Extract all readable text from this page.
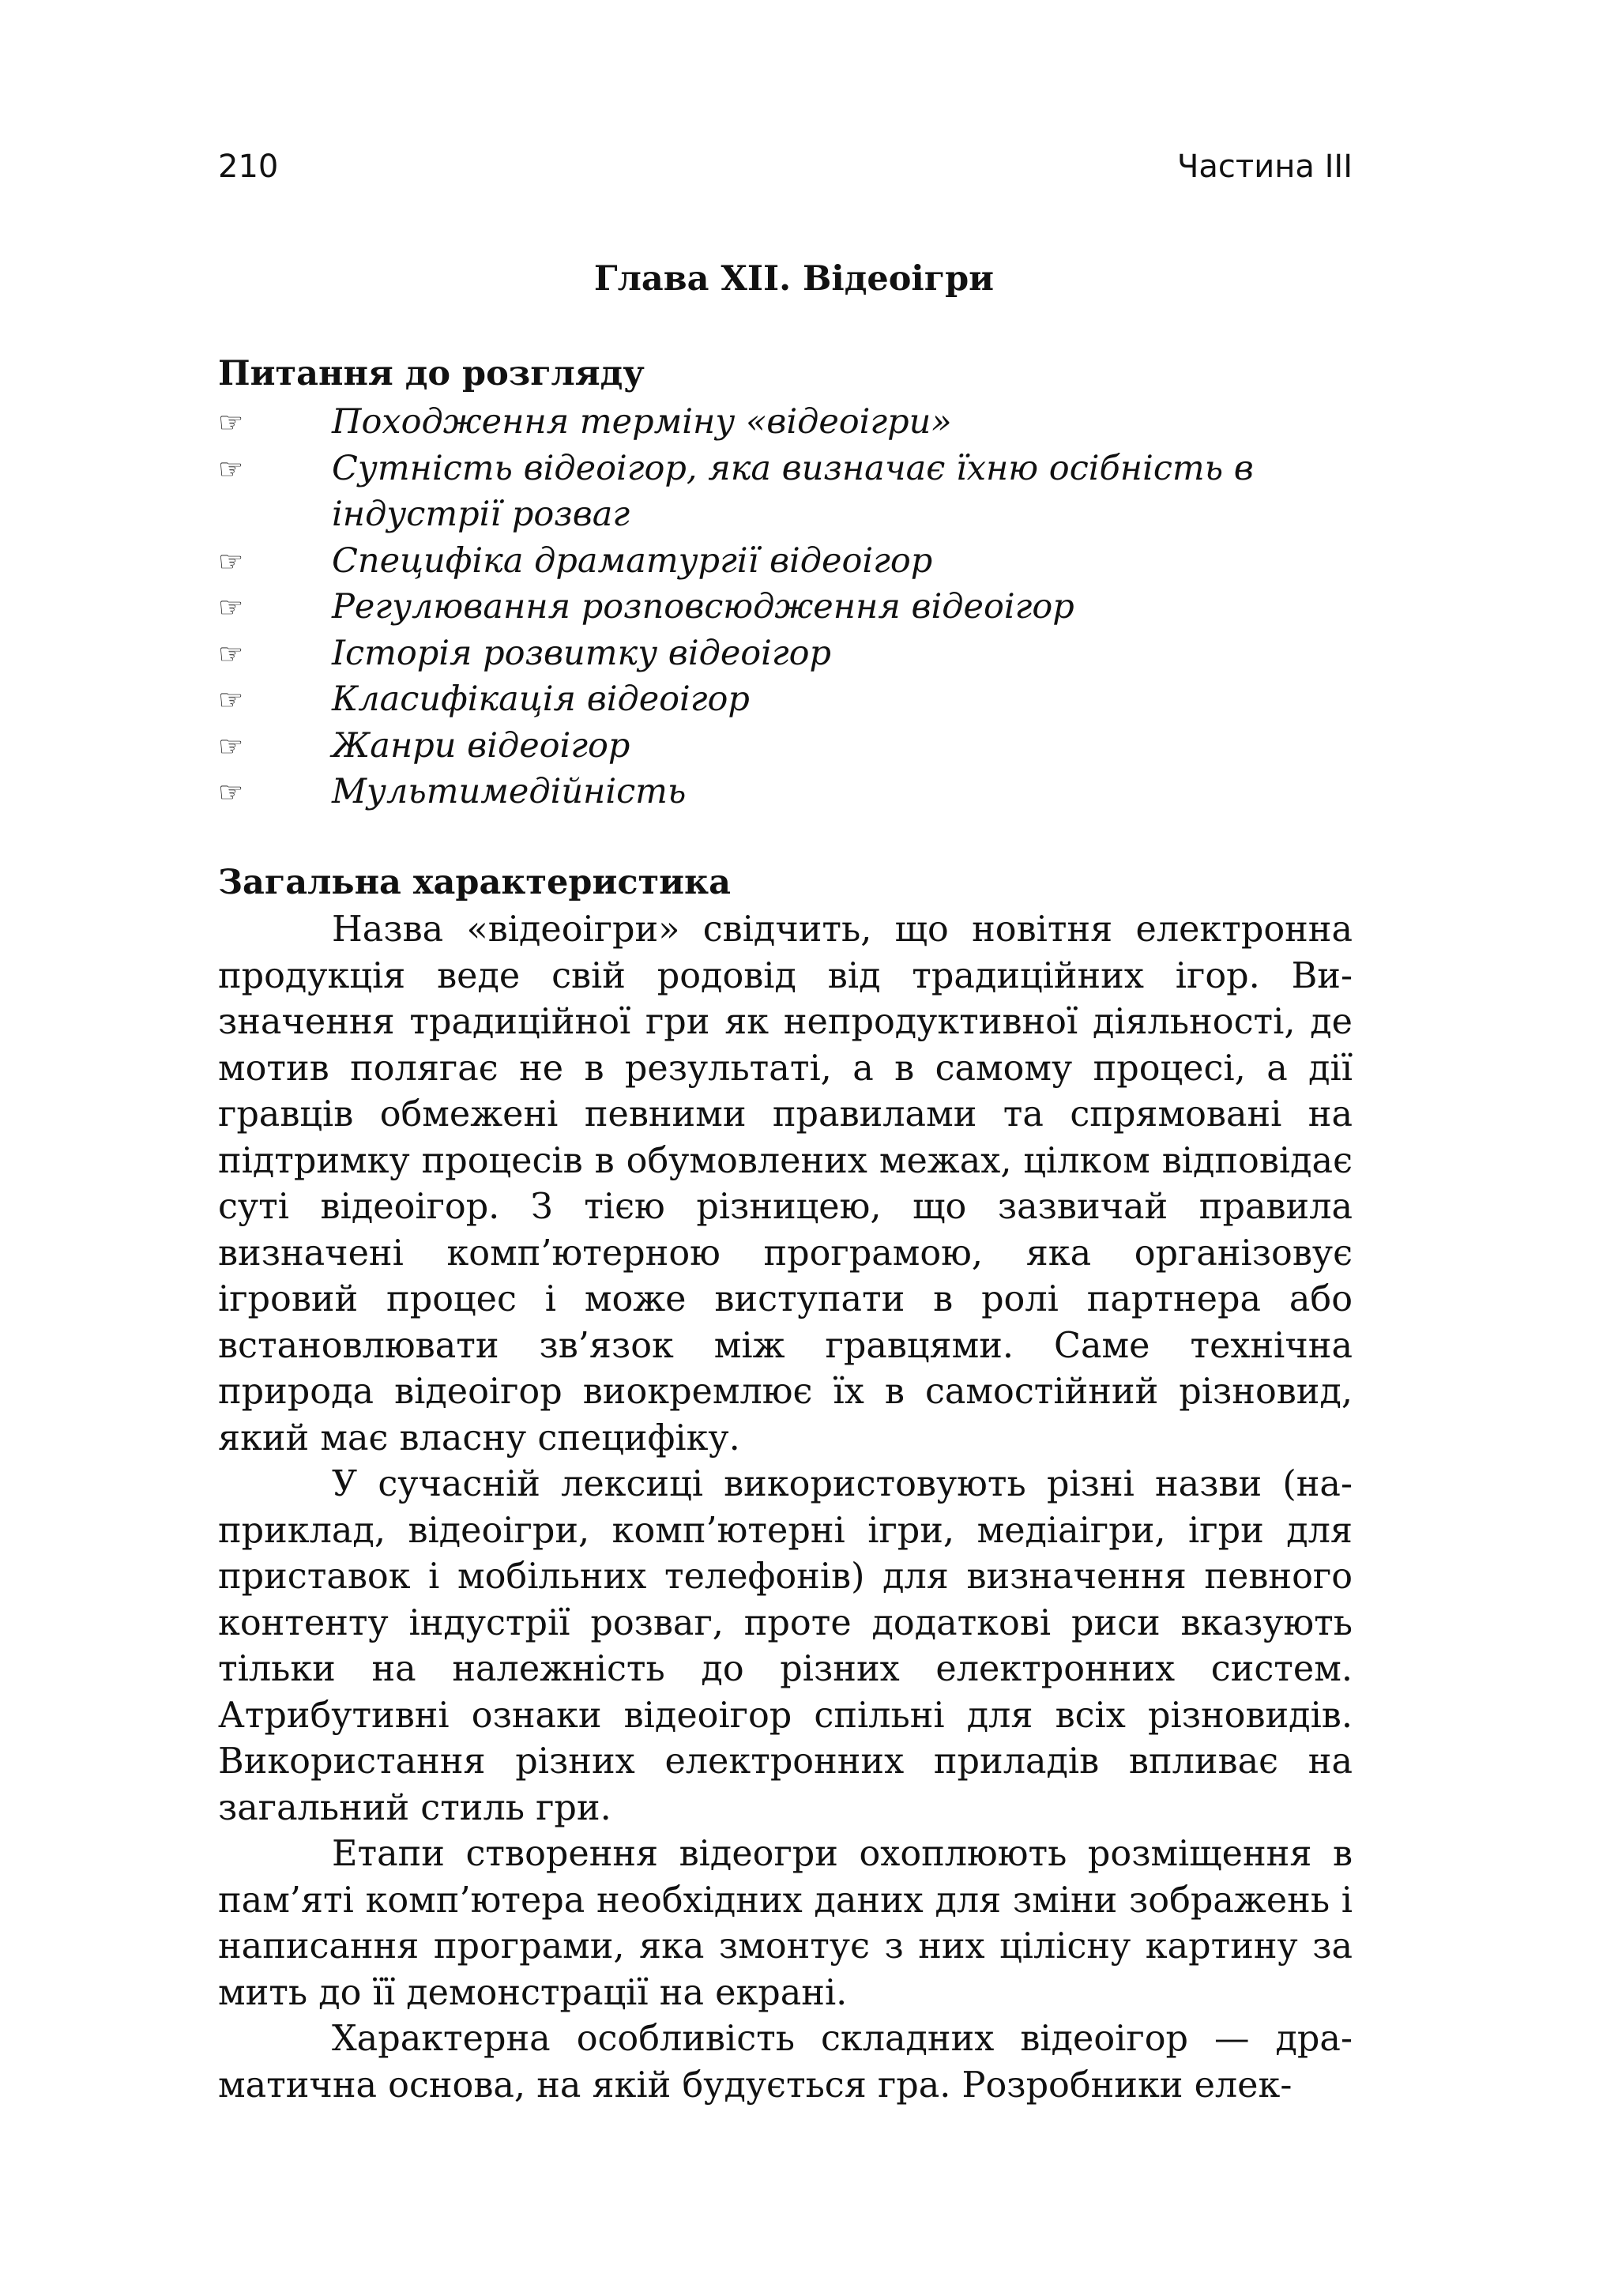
210	Частина III
Глава XII. Відеоігри
Питання до розгляду
☞	Походження терміну «відеоігри»
☞	Сутність відеоігор, яка визначає їхню осібність в індустрії розваг
☞	Специфіка драматургії відеоігор
☞	Регулювання розповсюдження відеоігор
☞	Історія розвитку відеоігор
☞	Класифікація відеоігор
☞	Жанри відеоігор
☞	Мультимедійність
Загальна характеристика

Назва «відеоігри» свідчить, що новітня електронна продукція веде свій родовід від традиційних ігор. Визначення традиційної гри як непродуктивної діяльності, де мотив полягає не в результаті, а в самому процесі, а дії гравців обмежені певними правилами та спрямовані на підтримку процесів в обумовлених межах, цілком відповідає суті відеоігор. З тією різницею, що зазвичай правила визначені комп’ютерною програмою, яка організовує ігровий процес і може виступати в ролі партнера або встановлювати зв’язок між гравцями. Саме технічна природа відеоігор виокремлює їх в самостійний різновид, який має власну специфіку.

У сучасній лексиці використовують різні назви (наприклад, відеоігри, комп’ютерні ігри, медіаігри, ігри для приставок і мобільних телефонів) для визначення певного контенту індустрії розваг, проте додаткові риси вказують тільки на належність до різних електронних систем. Атрибутивні ознаки відеоігор спільні для всіх різновидів. Використання різних електронних приладів впливає на загальний стиль гри.

Етапи створення відеогри охоплюють розміщення в пам’яті комп’ютера необхідних даних для зміни зображень і написання програми, яка змонтує з них цілісну картину за мить до її демонстрації на екрані.

Характерна особливість складних відеоігор — драматична основа, на якій будується гра. Розробники елек-
